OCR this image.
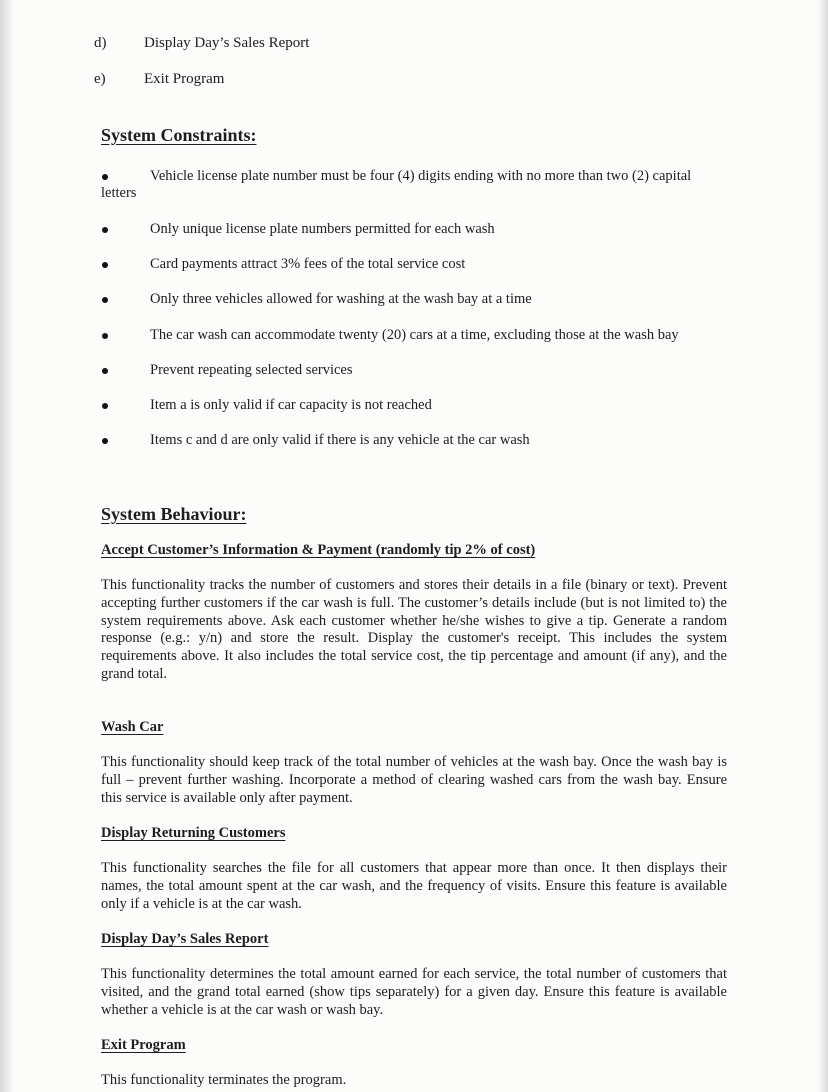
d)	Display Day’s Sales Report
e)	Exit Program
System Constraints:
Vehicle license plate number must be four (4) digits ending with no more than two (2) capital
letters
Only unique license plate numbers permitted for each wash
Card payments attract 3% fees of the total service cost
Only three vehicles allowed for washing at the wash bay at a time
The car wash can accommodate twenty (20) cars at a time, excluding those at the wash bay
Prevent repeating selected services
Item a is only valid if car capacity is not reached
Items c and d are only valid if there is any vehicle at the car wash
System Behaviour:
Accept Customer’s Information & Payment (randomly tip 2% of cost)
This functionality tracks the number of customers and stores their details in a file (binary or text). Prevent accepting further customers if the car wash is full. The customer’s details include (but is not limited to) the system requirements above. Ask each customer whether he/she wishes to give a tip. Generate a random response (e.g.: y/n) and store the result. Display the customer's receipt. This includes the system requirements above. It also includes the total service cost, the tip percentage and amount (if any), and the grand total.
Wash Car
This functionality should keep track of the total number of vehicles at the wash bay. Once the wash bay is full – prevent further washing. Incorporate a method of clearing washed cars from the wash bay. Ensure this service is available only after payment.
Display Returning Customers
This functionality searches the file for all customers that appear more than once. It then displays their names, the total amount spent at the car wash, and the frequency of visits. Ensure this feature is available only if a vehicle is at the car wash.
Display Day’s Sales Report
This functionality determines the total amount earned for each service, the total number of customers that visited, and the grand total earned (show tips separately) for a given day. Ensure this feature is available whether a vehicle is at the car wash or wash bay.
Exit Program
This functionality terminates the program.
